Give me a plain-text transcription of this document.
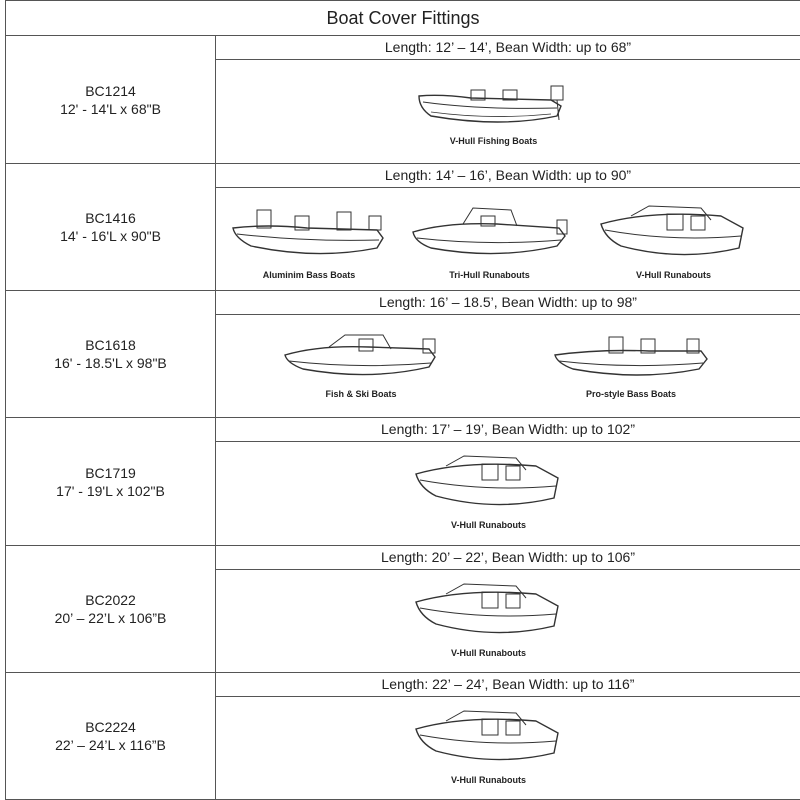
Boat Cover Fittings
BC1214
12' - 14'L x 68"B
Length: 12’ – 14’, Bean Width: up to 68”
V-Hull Fishing Boats
BC1416
14' - 16'L x 90"B
Length: 14’ – 16’, Bean Width: up to 90”
Aluminim Bass Boats	Tri-Hull Runabouts	V-Hull Runabouts
BC1618
16' - 18.5'L x 98"B
Length: 16’ – 18.5’, Bean Width: up to 98”
Fish & Ski Boats	Pro-style Bass Boats
BC1719
17' - 19'L x 102"B
Length: 17’ – 19’, Bean Width: up to 102”
V-Hull Runabouts
BC2022
20’ – 22’L x 106”B
Length: 20’ – 22’, Bean Width: up to 106”
V-Hull Runabouts
BC2224
22’ – 24’L x 116”B
Length: 22’ – 24’, Bean Width: up to 116”
V-Hull Runabouts
